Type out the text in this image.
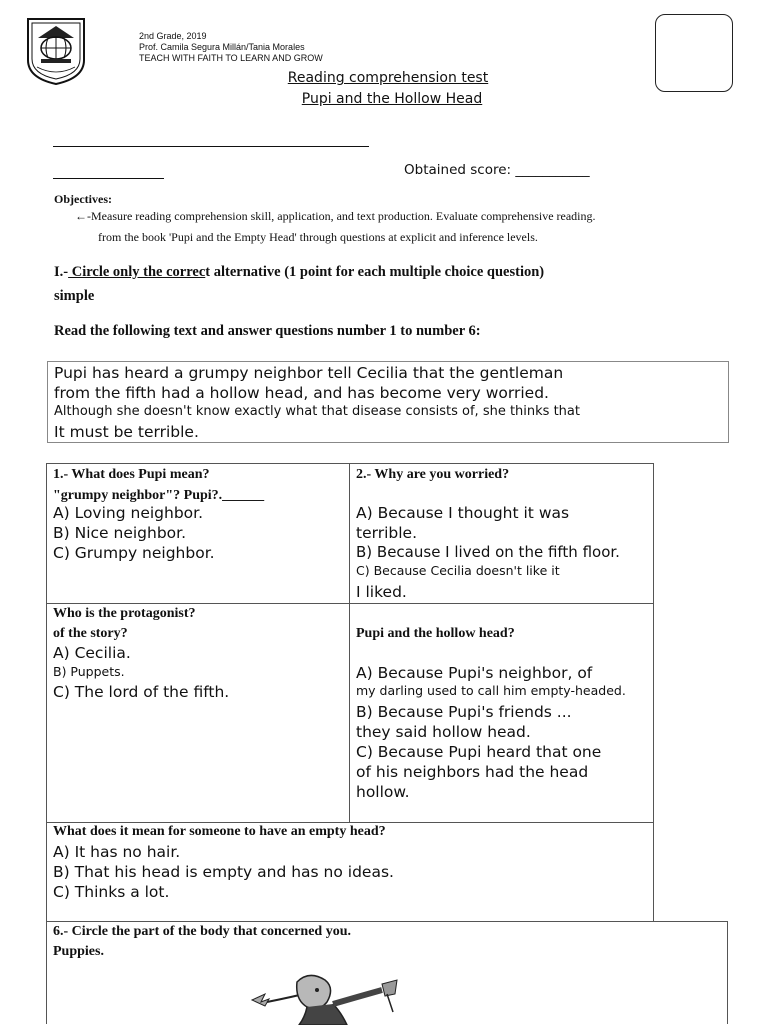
2nd Grade, 2019
Prof. Camila Segura Millán/Tania Morales
TEACH WITH FAITH TO LEARN AND GROW
Reading comprehension test
Pupi and the Hollow Head
Obtained score: ___________
Objectives:
←-Measure reading comprehension skill, application, and text production. Evaluate comprehensive reading.
from the book 'Pupi and the Empty Head' through questions at explicit and inference levels.
I.- Circle only the correct alternative (1 point for each multiple choice question)
simple
Read the following text and answer questions number 1 to number 6:
Pupi has heard a grumpy neighbor tell Cecilia that the gentleman
from the fifth had a hollow head, and has become very worried.
Although she doesn't know exactly what that disease consists of, she thinks that
It must be terrible.
1.- What does Pupi mean?
"grumpy neighbor"? Pupi?.______
A) Loving neighbor.
B) Nice neighbor.
C) Grumpy neighbor.
2.- Why are you worried?
A) Because I thought it was
terrible.
B) Because I lived on the fifth floor.
C) Because Cecilia doesn't like it
I liked.
Who is the protagonist?
of the story?
A) Cecilia.
B) Puppets.
C) The lord of the fifth.
Pupi and the hollow head?
A) Because Pupi's neighbor, of
my darling used to call him empty-headed.
B) Because Pupi's friends ...
they said hollow head.
C) Because Pupi heard that one
of his neighbors had the head
hollow.
What does it mean for someone to have an empty head?
A) It has no hair.
B) That his head is empty and has no ideas.
C) Thinks a lot.
6.- Circle the part of the body that concerned you.
Puppies.
